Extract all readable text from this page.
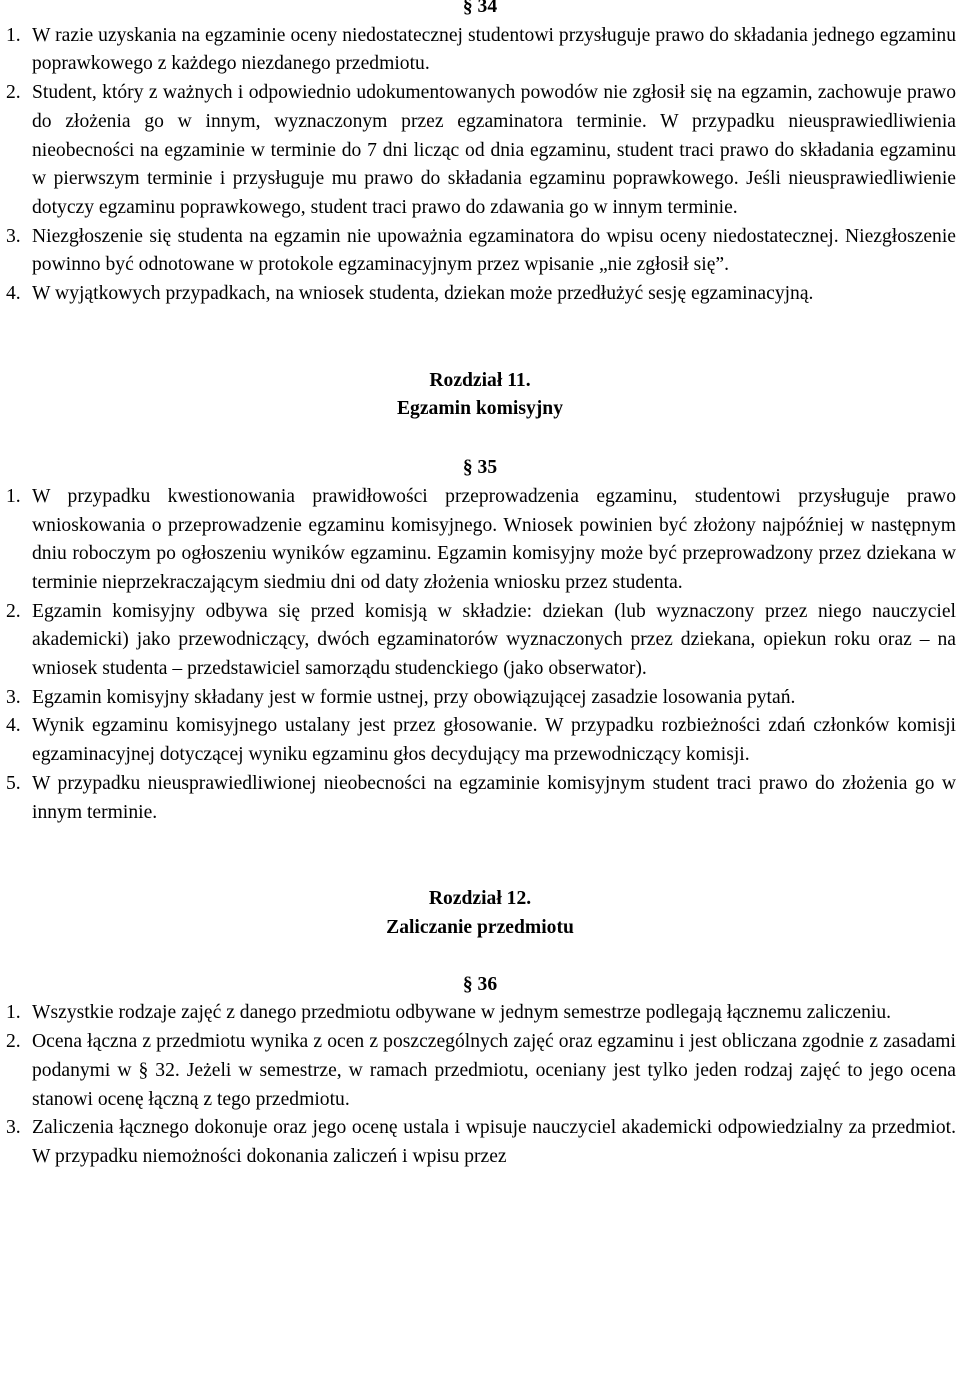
§ 34

1. W razie uzyskania na egzaminie oceny niedostatecznej studentowi przysługuje prawo do składania jednego egzaminu poprawkowego z każdego niezdanego przedmiotu.
2. Student, który z ważnych i odpowiednio udokumentowanych powodów nie zgłosił się na egzamin, zachowuje prawo do złożenia go w innym, wyznaczonym przez egzaminatora terminie. W przypadku nieusprawiedliwienia nieobecności na egzaminie w terminie do 7 dni licząc od dnia egzaminu, student traci prawo do składania egzaminu w pierwszym terminie i przysługuje mu prawo do składania egzaminu poprawkowego. Jeśli nieusprawiedliwienie dotyczy egzaminu poprawkowego, student traci prawo do zdawania go w innym terminie.
3. Niezgłoszenie się studenta na egzamin nie upoważnia egzaminatora do wpisu oceny niedostatecznej. Niezgłoszenie powinno być odnotowane w protokole egzaminacyjnym przez wpisanie „nie zgłosił się”.
4. W wyjątkowych przypadkach, na wniosek studenta, dziekan może przedłużyć sesję egzaminacyjną.

Rozdział 11.

Egzamin komisyjny

§ 35

1. W przypadku kwestionowania prawidłowości przeprowadzenia egzaminu, studentowi przysługuje prawo wnioskowania o przeprowadzenie egzaminu komisyjnego. Wniosek powinien być złożony najpóźniej w następnym dniu roboczym po ogłoszeniu wyników egzaminu. Egzamin komisyjny może być przeprowadzony przez dziekana w terminie nieprzekraczającym siedmiu dni od daty złożenia wniosku przez studenta.
2. Egzamin komisyjny odbywa się przed komisją w składzie: dziekan (lub wyznaczony przez niego nauczyciel akademicki) jako przewodniczący, dwóch egzaminatorów wyznaczonych przez dziekana, opiekun roku oraz – na wniosek studenta – przedstawiciel samorządu studenckiego (jako obserwator).
3. Egzamin komisyjny składany jest w formie ustnej, przy obowiązującej zasadzie losowania pytań.
4. Wynik egzaminu komisyjnego ustalany jest przez głosowanie. W przypadku rozbieżności zdań członków komisji egzaminacyjnej dotyczącej wyniku egzaminu głos decydujący ma przewodniczący komisji.
5. W przypadku nieusprawiedliwionej nieobecności na egzaminie komisyjnym student traci prawo do złożenia go w innym terminie.

Rozdział 12.

Zaliczanie przedmiotu

§ 36

1. Wszystkie rodzaje zajęć z danego przedmiotu odbywane w jednym semestrze podlegają łącznemu zaliczeniu.
2. Ocena łączna z przedmiotu wynika z ocen z poszczególnych zajęć oraz egzaminu i jest obliczana zgodnie z zasadami podanymi w § 32. Jeżeli w semestrze, w ramach przedmiotu, oceniany jest tylko jeden rodzaj zajęć to jego ocena stanowi ocenę łączną z tego przedmiotu.
3. Zaliczenia łącznego dokonuje oraz jego ocenę ustala i wpisuje nauczyciel akademicki odpowiedzialny za przedmiot. W przypadku niemożności dokonania zaliczeń i wpisu przez
